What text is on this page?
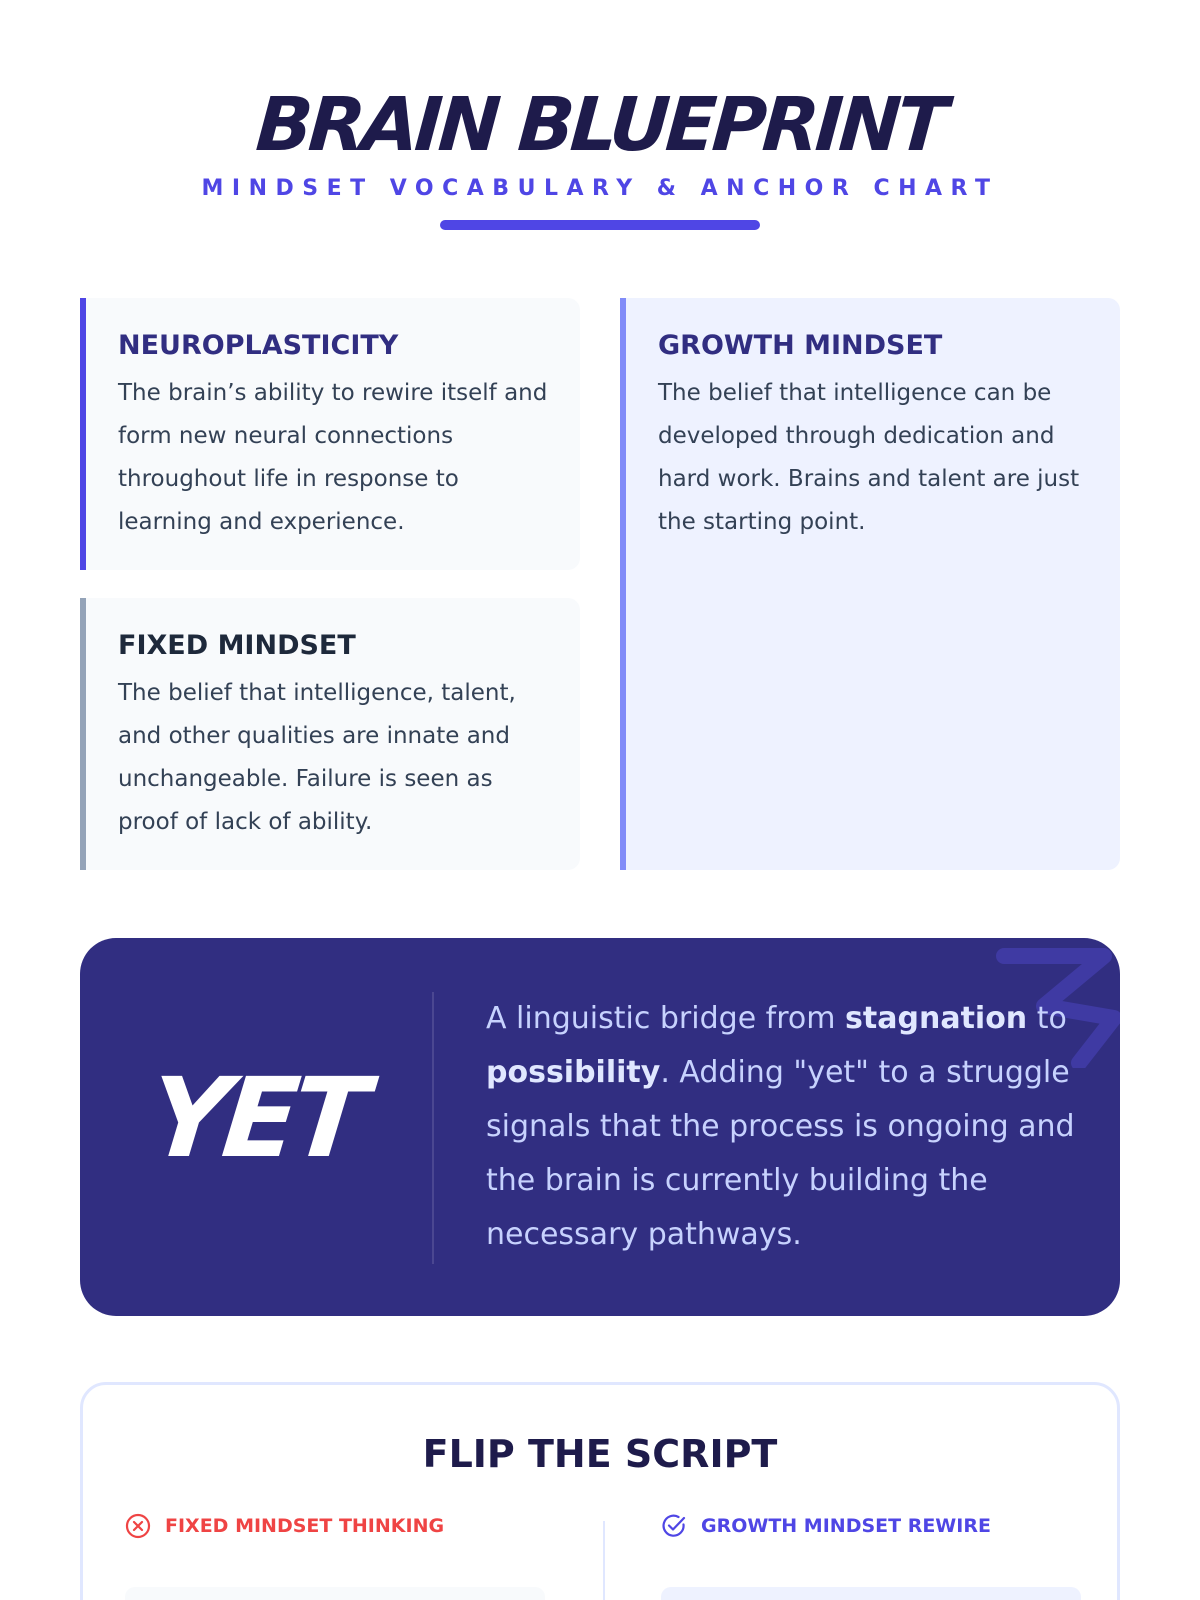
BRAIN BLUEPRINT
MINDSET VOCABULARY & ANCHOR CHART
NEUROPLASTICITY

The brain’s ability to rewire itself and form new neural connections throughout life in response to learning and experience.

GROWTH MINDSET

The belief that intelligence can be developed through dedication and hard work. Brains and talent are just the starting point.

FIXED MINDSET

The belief that intelligence, talent, and other qualities are innate and unchangeable. Failure is seen as proof of lack of ability.

YET

A linguistic bridge from stagnation to possibility. Adding "yet" to a struggle signals that the process is ongoing and the brain is currently building the necessary pathways.

FLIP THE SCRIPT
FIXED MINDSET THINKING	GROWTH MINDSET REWIRE
